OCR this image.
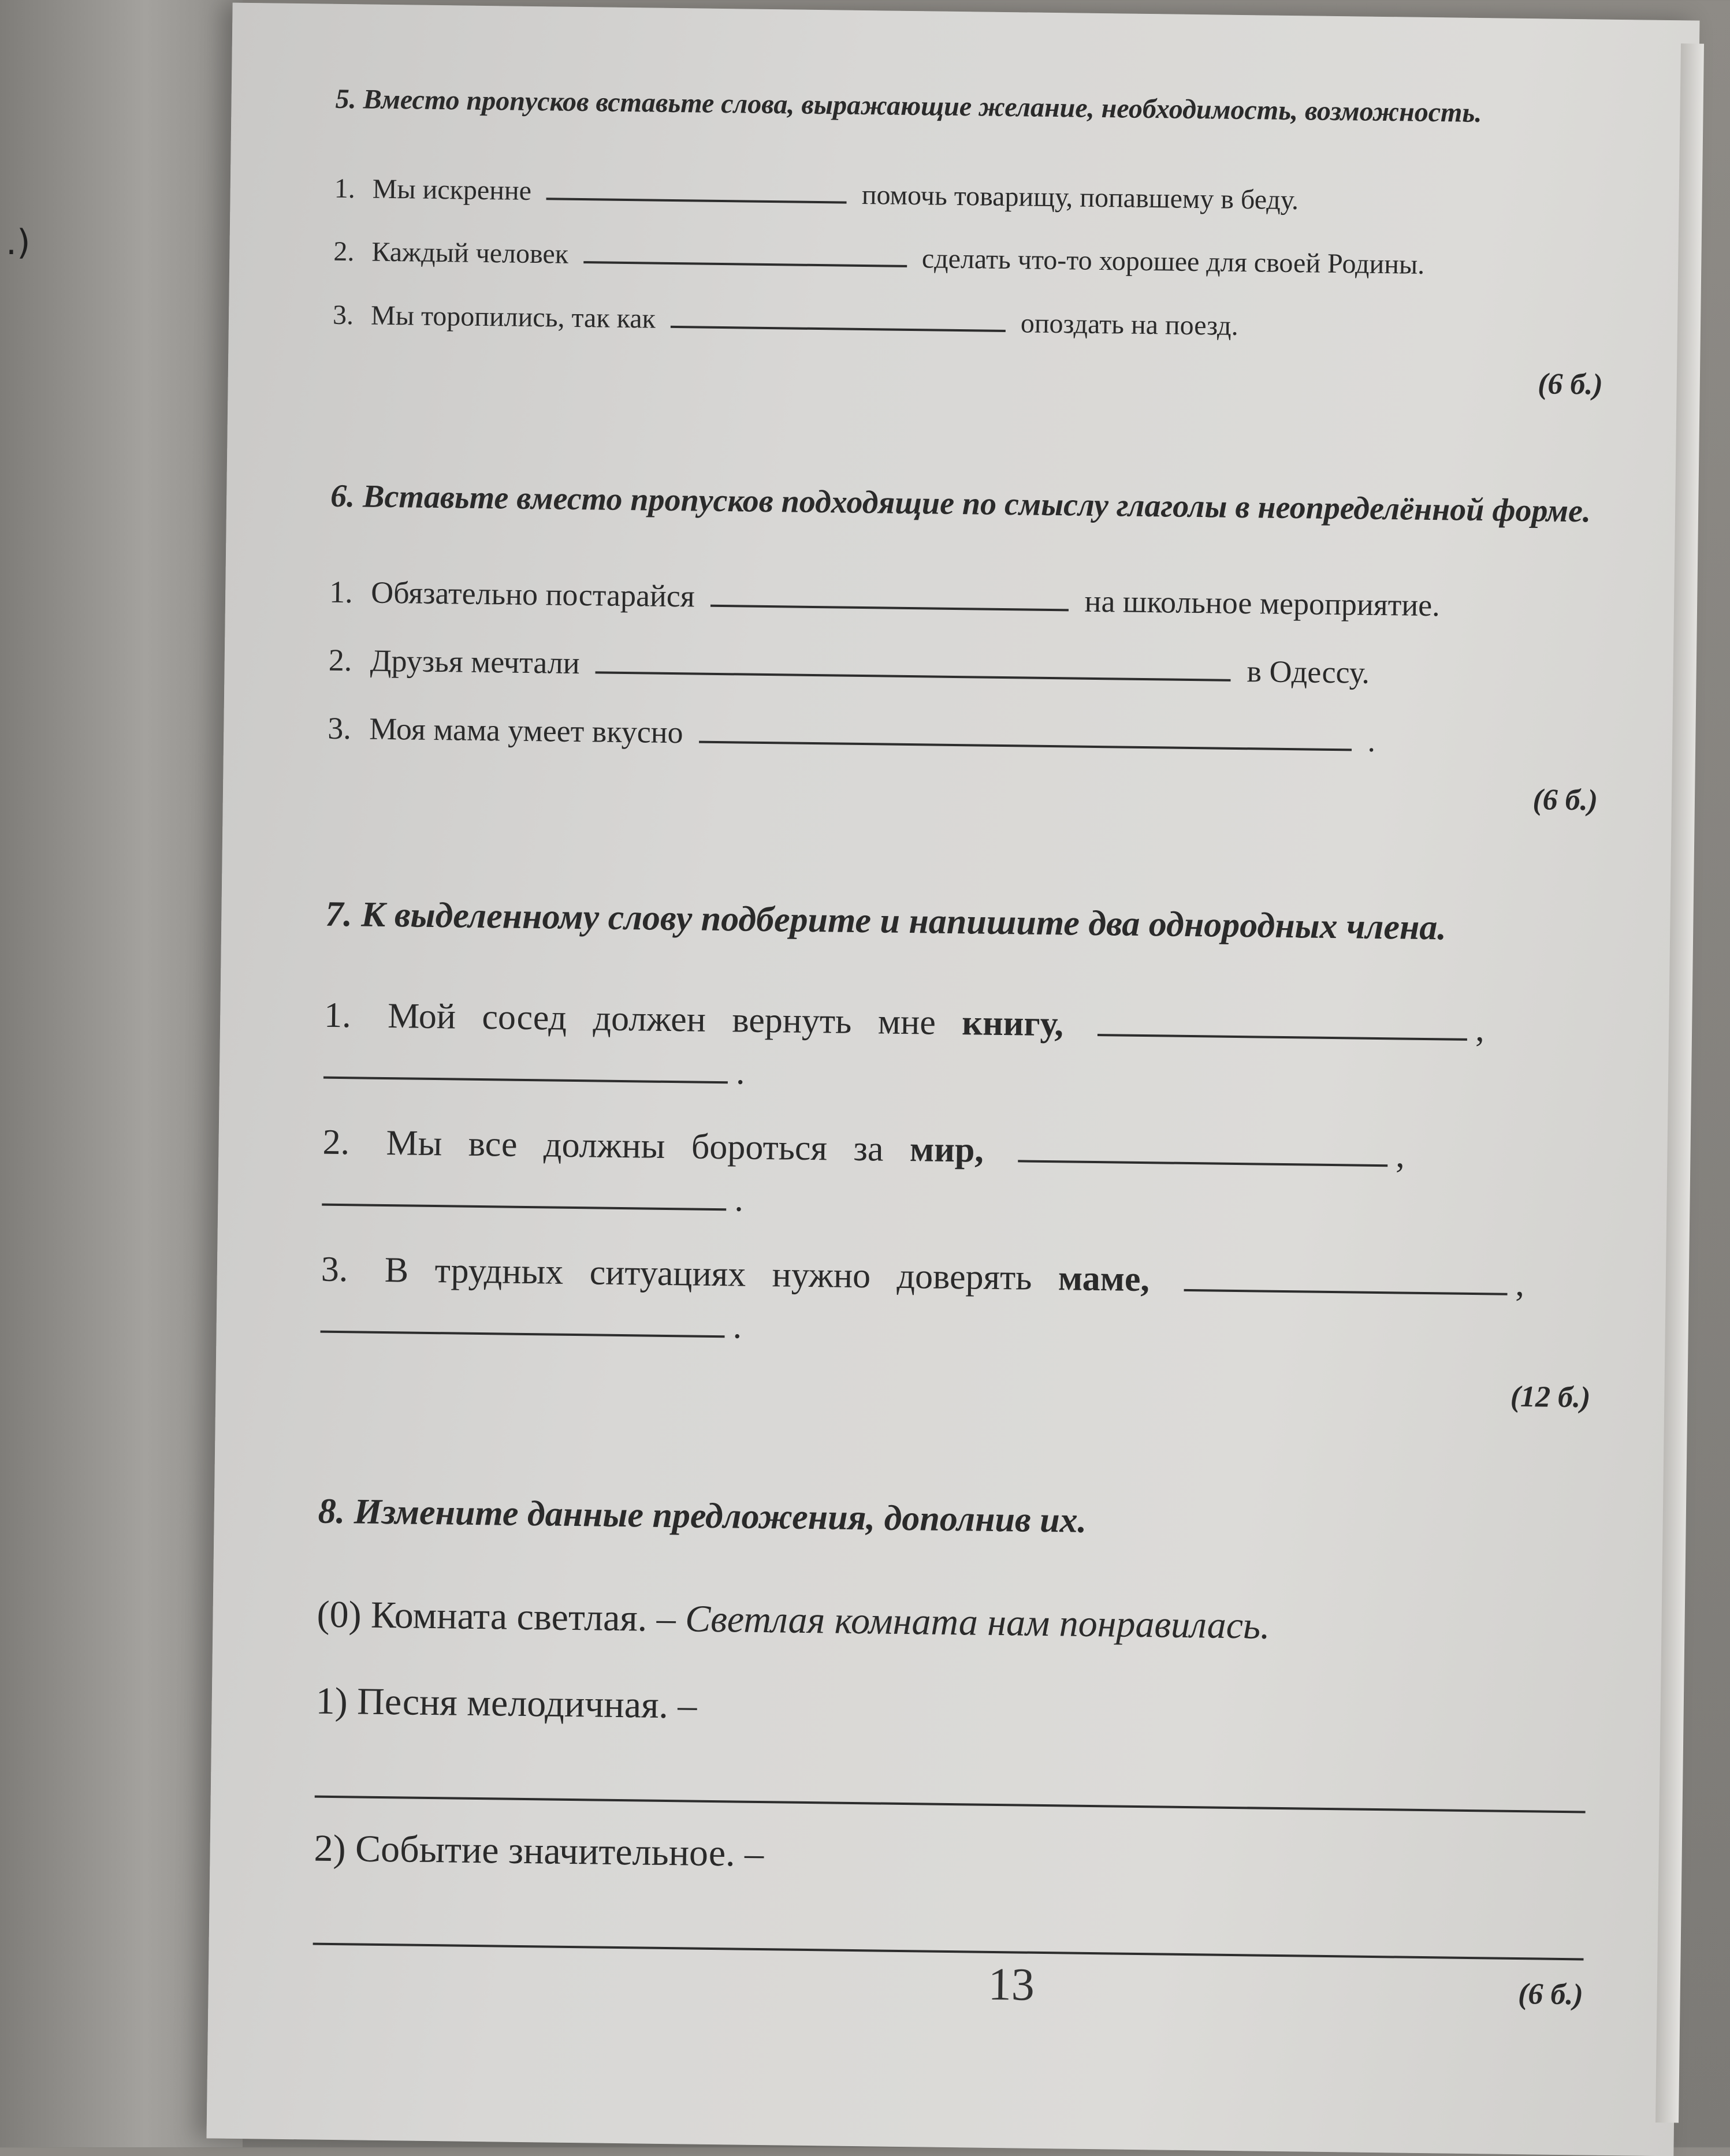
.)
5. Вместо пропусков вставьте слова, выражающие желание, необходимость, возможность.
1. Мы искренне	помочь товарищу, попавшему в беду.
2. Каждый человек	сделать что-то хорошее для своей Родины.
3. Мы торопились, так как	опоздать на поезд.
(6 б.)
6. Вставьте вместо пропусков подходящие по смыслу глаголы в неопределённой форме.
1. Обязательно постарайся	на школьное мероприятие.
2. Друзья мечтали	в Одессу.
3. Моя мама умеет вкусно	.
(6 б.)
7. К выделенному слову подберите и напишите два однородных члена.
1. Мой сосед должен вернуть мне книгу,	,
.
2. Мы все должны бороться за мир,	,
.
3. В трудных ситуациях нужно доверять маме,	,
.
(12 б.)
8. Измените данные предложения, дополнив их.
(0) Комната светлая. – Светлая комната нам понравилась.
1) Песня мелодичная. –
2) Событие значительное. –
(6 б.)
13
